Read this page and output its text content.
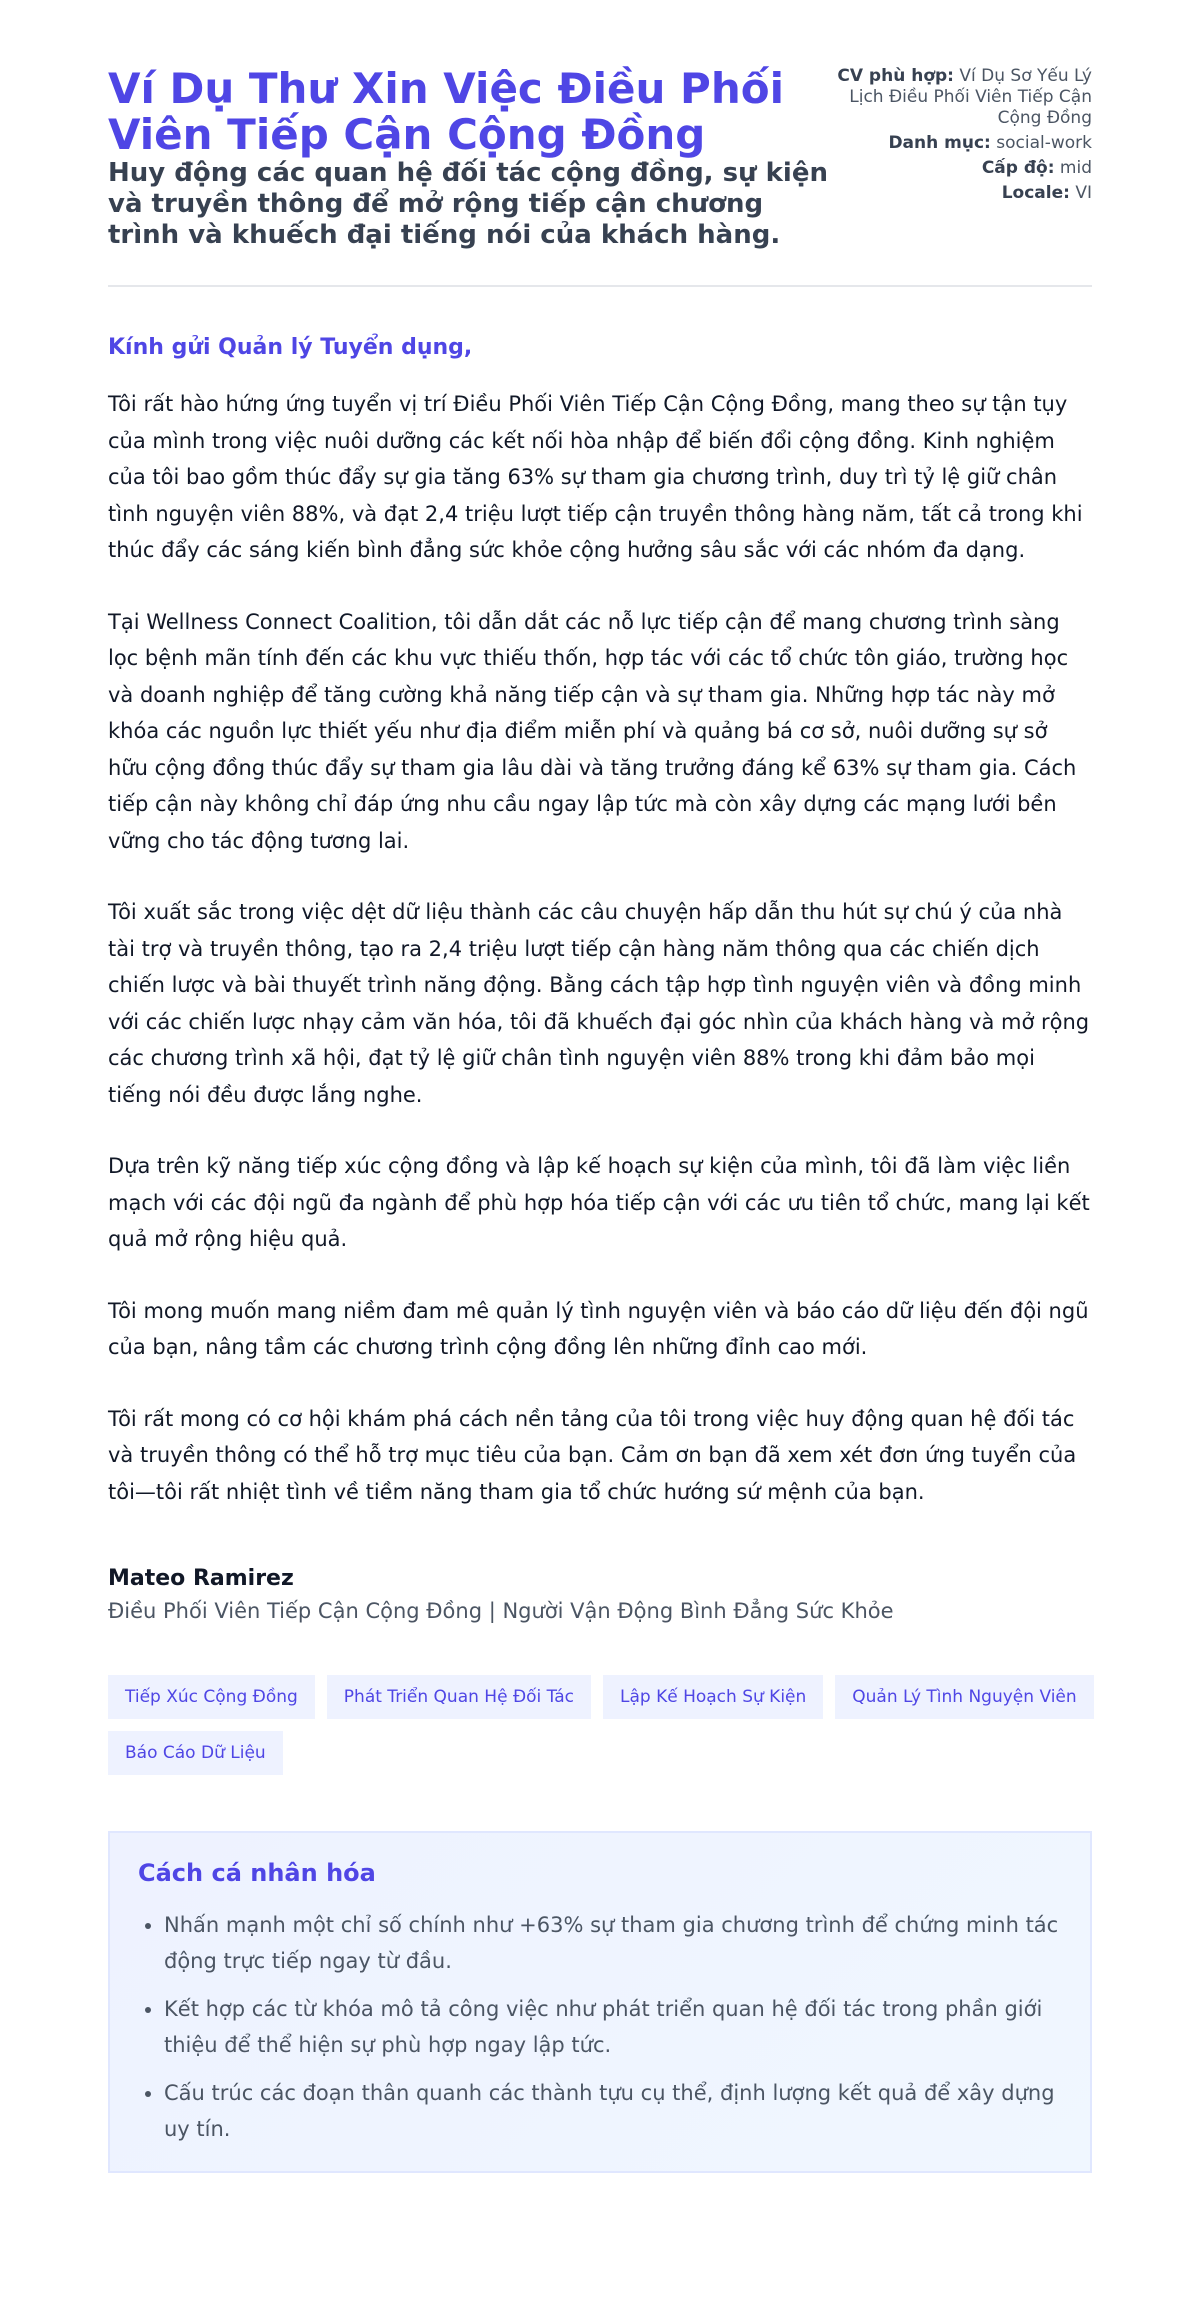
Ví Dụ Thư Xin Việc Điều Phối Viên Tiếp Cận Cộng Đồng
Huy động các quan hệ đối tác cộng đồng, sự kiện và truyền thông để mở rộng tiếp cận chương trình và khuếch đại tiếng nói của khách hàng.
CV phù hợp: Ví Dụ Sơ Yếu Lý Lịch Điều Phối Viên Tiếp Cận Cộng Đồng
Danh mục: social-work
Cấp độ: mid
Locale: VI

Kính gửi Quản lý Tuyển dụng,

Tôi rất hào hứng ứng tuyển vị trí Điều Phối Viên Tiếp Cận Cộng Đồng, mang theo sự tận tụy của mình trong việc nuôi dưỡng các kết nối hòa nhập để biến đổi cộng đồng. Kinh nghiệm của tôi bao gồm thúc đẩy sự gia tăng 63% sự tham gia chương trình, duy trì tỷ lệ giữ chân tình nguyện viên 88%, và đạt 2,4 triệu lượt tiếp cận truyền thông hàng năm, tất cả trong khi thúc đẩy các sáng kiến bình đẳng sức khỏe cộng hưởng sâu sắc với các nhóm đa dạng.

Tại Wellness Connect Coalition, tôi dẫn dắt các nỗ lực tiếp cận để mang chương trình sàng lọc bệnh mãn tính đến các khu vực thiếu thốn, hợp tác với các tổ chức tôn giáo, trường học và doanh nghiệp để tăng cường khả năng tiếp cận và sự tham gia. Những hợp tác này mở khóa các nguồn lực thiết yếu như địa điểm miễn phí và quảng bá cơ sở, nuôi dưỡng sự sở hữu cộng đồng thúc đẩy sự tham gia lâu dài và tăng trưởng đáng kể 63% sự tham gia. Cách tiếp cận này không chỉ đáp ứng nhu cầu ngay lập tức mà còn xây dựng các mạng lưới bền vững cho tác động tương lai.

Tôi xuất sắc trong việc dệt dữ liệu thành các câu chuyện hấp dẫn thu hút sự chú ý của nhà tài trợ và truyền thông, tạo ra 2,4 triệu lượt tiếp cận hàng năm thông qua các chiến dịch chiến lược và bài thuyết trình năng động. Bằng cách tập hợp tình nguyện viên và đồng minh với các chiến lược nhạy cảm văn hóa, tôi đã khuếch đại góc nhìn của khách hàng và mở rộng các chương trình xã hội, đạt tỷ lệ giữ chân tình nguyện viên 88% trong khi đảm bảo mọi tiếng nói đều được lắng nghe.

Dựa trên kỹ năng tiếp xúc cộng đồng và lập kế hoạch sự kiện của mình, tôi đã làm việc liền mạch với các đội ngũ đa ngành để phù hợp hóa tiếp cận với các ưu tiên tổ chức, mang lại kết quả mở rộng hiệu quả.

Tôi mong muốn mang niềm đam mê quản lý tình nguyện viên và báo cáo dữ liệu đến đội ngũ của bạn, nâng tầm các chương trình cộng đồng lên những đỉnh cao mới.

Tôi rất mong có cơ hội khám phá cách nền tảng của tôi trong việc huy động quan hệ đối tác và truyền thông có thể hỗ trợ mục tiêu của bạn. Cảm ơn bạn đã xem xét đơn ứng tuyển của tôi—tôi rất nhiệt tình về tiềm năng tham gia tổ chức hướng sứ mệnh của bạn.

Mateo Ramirez

Điều Phối Viên Tiếp Cận Cộng Đồng | Người Vận Động Bình Đẳng Sức Khỏe

Tiếp Xúc Cộng Đồng	Phát Triển Quan Hệ Đối Tác	Lập Kế Hoạch Sự Kiện	Quản Lý Tình Nguyện Viên
Báo Cáo Dữ Liệu
Cách cá nhân hóa
• Nhấn mạnh một chỉ số chính như +63% sự tham gia chương trình để chứng minh tác động trực tiếp ngay từ đầu.
• Kết hợp các từ khóa mô tả công việc như phát triển quan hệ đối tác trong phần giới thiệu để thể hiện sự phù hợp ngay lập tức.
• Cấu trúc các đoạn thân quanh các thành tựu cụ thể, định lượng kết quả để xây dựng uy tín.
